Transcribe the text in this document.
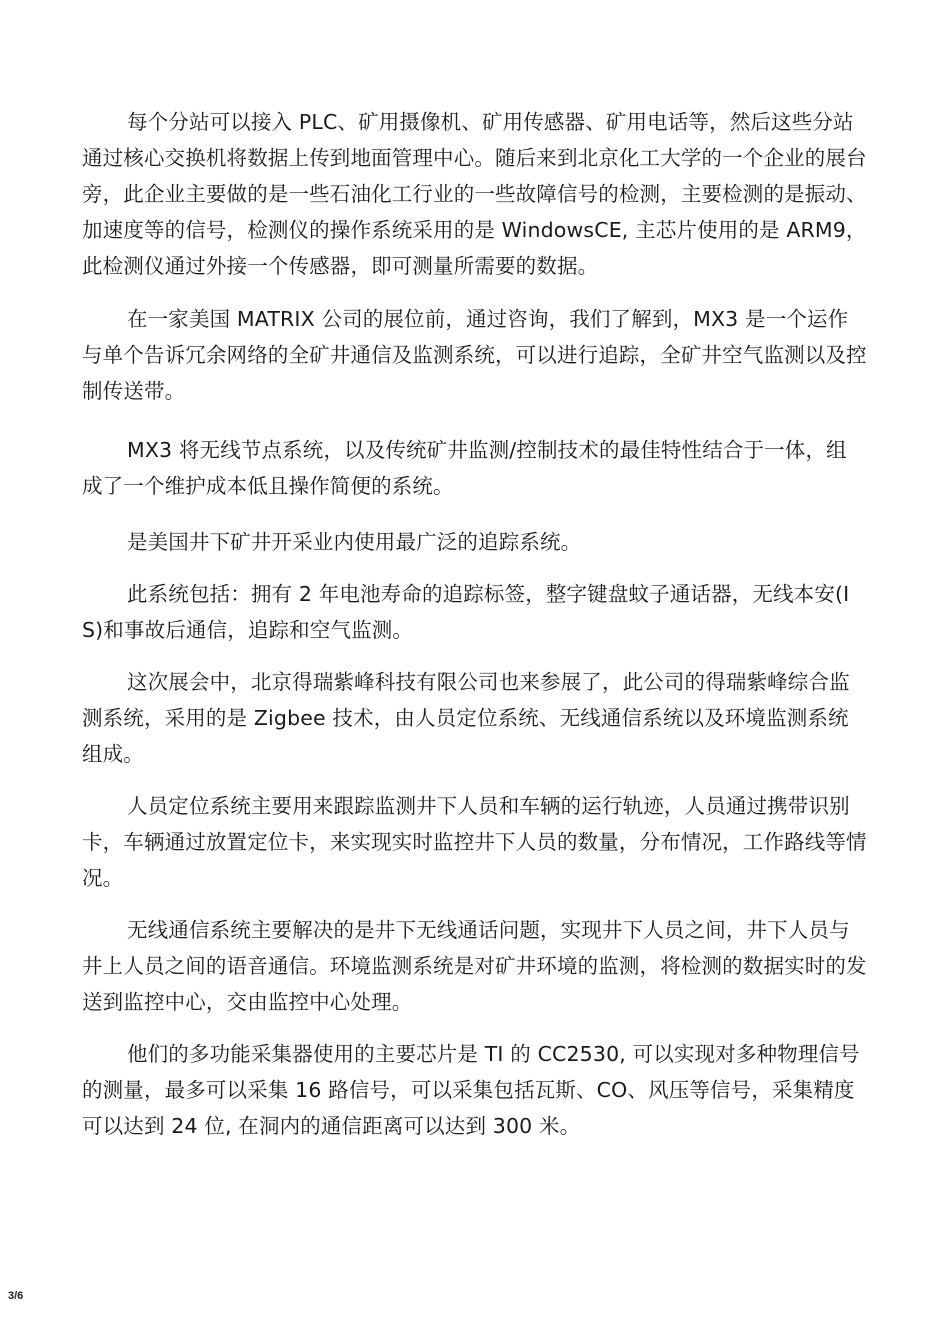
每个分站可以接入 PLC、矿用摄像机、矿用传感器、矿用电话等，然后这些分站通过核心交换机将数据上传到地面管理中心。随后来到北京化工大学的一个企业的展台旁，此企业主要做的是一些石油化工行业的一些故障信号的检测，主要检测的是振动、加速度等的信号，检测仪的操作系统采用的是 WindowsCE, 主芯片使用的是 ARM9，此检测仪通过外接一个传感器，即可测量所需要的数据。

在一家美国 MATRIX 公司的展位前，通过咨询，我们了解到，MX3 是一个运作与单个告诉冗余网络的全矿井通信及监测系统，可以进行追踪，全矿井空气监测以及控制传送带。

MX3 将无线节点系统，以及传统矿井监测/控制技术的最佳特性结合于一体，组成了一个维护成本低且操作简便的系统。

是美国井下矿井开采业内使用最广泛的追踪系统。

此系统包括：拥有 2 年电池寿命的追踪标签，整字键盘蚊子通话器，无线本安(IS)和事故后通信，追踪和空气监测。

这次展会中，北京得瑞紫峰科技有限公司也来参展了，此公司的得瑞紫峰综合监测系统，采用的是 Zigbee 技术，由人员定位系统、无线通信系统以及环境监测系统组成。

人员定位系统主要用来跟踪监测井下人员和车辆的运行轨迹，人员通过携带识别卡，车辆通过放置定位卡，来实现实时监控井下人员的数量，分布情况，工作路线等情况。

无线通信系统主要解决的是井下无线通话问题，实现井下人员之间，井下人员与井上人员之间的语音通信。环境监测系统是对矿井环境的监测，将检测的数据实时的发送到监控中心，交由监控中心处理。

他们的多功能采集器使用的主要芯片是 TI 的 CC2530, 可以实现对多种物理信号的测量，最多可以采集 16 路信号，可以采集包括瓦斯、CO、风压等信号，采集精度可以达到 24 位, 在洞内的通信距离可以达到 300 米。

3/6
